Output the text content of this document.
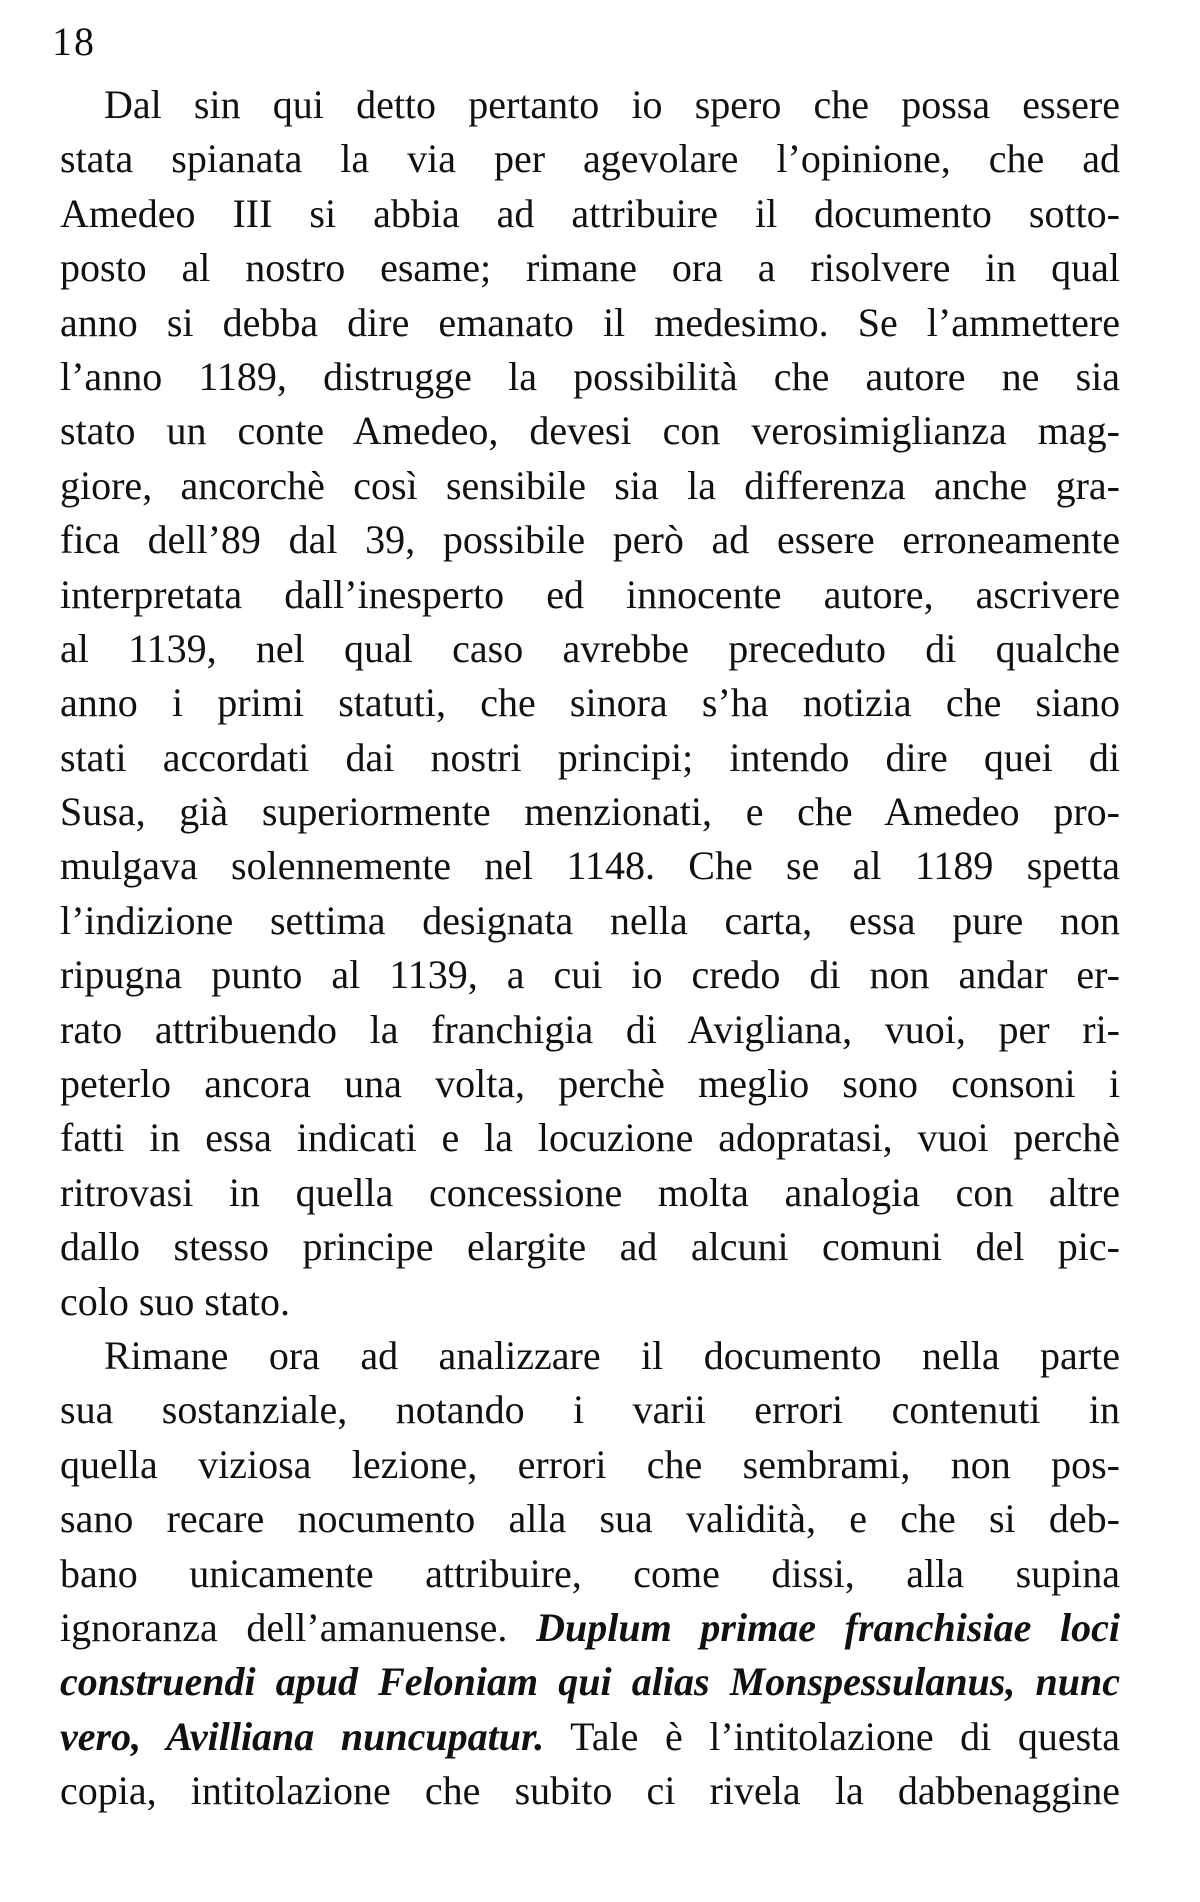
18
Dal sin qui detto pertanto io spero che possa essere
stata spianata la via per agevolare l’opinione, che ad
Amedeo III si abbia ad attribuire il documento sotto-
posto al nostro esame; rimane ora a risolvere in qual
anno si debba dire emanato il medesimo. Se l’ammettere
l’anno 1189, distrugge la possibilità che autore ne sia
stato un conte Amedeo, devesi con verosimiglianza mag-
giore, ancorchè così sensibile sia la differenza anche gra-
fica dell’89 dal 39, possibile però ad essere erroneamente
interpretata dall’inesperto ed innocente autore, ascrivere
al 1139, nel qual caso avrebbe preceduto di qualche
anno i primi statuti, che sinora s’ha notizia che siano
stati accordati dai nostri principi; intendo dire quei di
Susa, già superiormente menzionati, e che Amedeo pro-
mulgava solennemente nel 1148. Che se al 1189 spetta
l’indizione settima designata nella carta, essa pure non
ripugna punto al 1139, a cui io credo di non andar er-
rato attribuendo la franchigia di Avigliana, vuoi, per ri-
peterlo ancora una volta, perchè meglio sono consoni i
fatti in essa indicati e la locuzione adopratasi, vuoi perchè
ritrovasi in quella concessione molta analogia con altre
dallo stesso principe elargite ad alcuni comuni del pic-
colo suo stato.
Rimane ora ad analizzare il documento nella parte
sua sostanziale, notando i varii errori contenuti in
quella viziosa lezione, errori che sembrami, non pos-
sano recare nocumento alla sua validità, e che si deb-
bano unicamente attribuire, come dissi, alla supina
ignoranza dell’amanuense. Duplum primae franchisiae loci
construendi apud Feloniam qui alias Monspessulanus, nunc
vero, Avilliana nuncupatur. Tale è l’intitolazione di questa
copia, intitolazione che subito ci rivela la dabbenaggine
